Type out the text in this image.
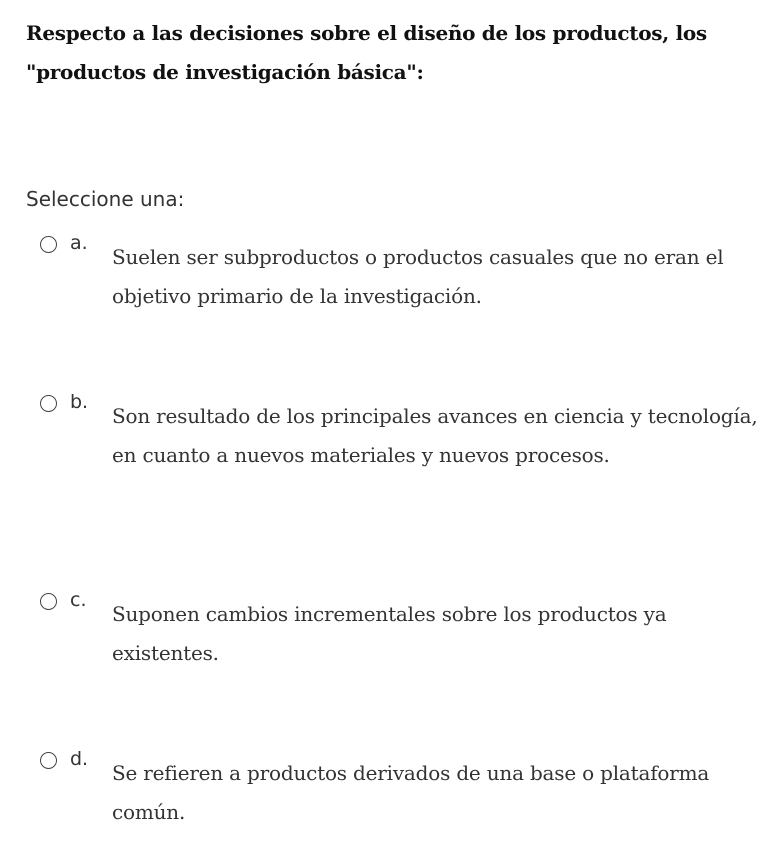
Respecto a las decisiones sobre el diseño de los productos, los "productos de investigación básica":
Seleccione una:
a.
Suelen ser subproductos o productos casuales que no eran el objetivo primario de la investigación.
b.
Son resultado de los principales avances en ciencia y tecnología, en cuanto a nuevos materiales y nuevos procesos.
c.
Suponen cambios incrementales sobre los productos ya existentes.
d.
Se refieren a productos derivados de una base o plataforma común.
